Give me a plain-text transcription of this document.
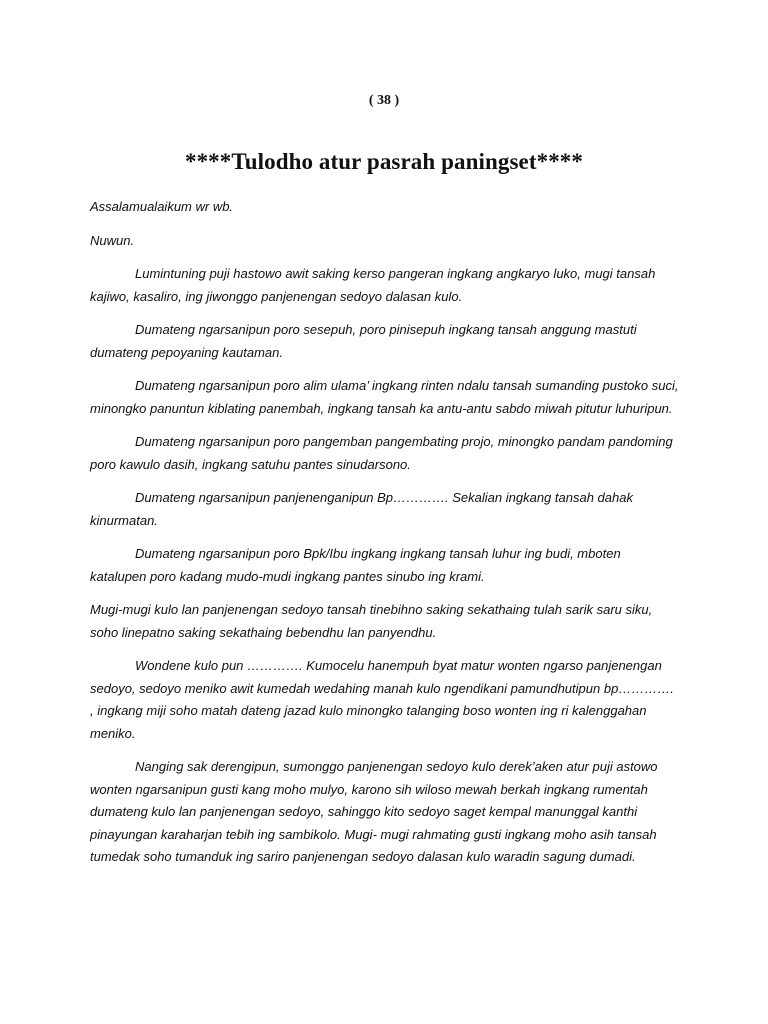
( 38 )
****Tulodho atur pasrah paningset****

Assalamualaikum wr wb.

Nuwun.

Lumintuning puji hastowo awit saking kerso pangeran ingkang angkaryo luko, mugi tansah kajiwo, kasaliro, ing jiwonggo panjenengan sedoyo dalasan kulo.

Dumateng ngarsanipun poro sesepuh, poro pinisepuh ingkang tansah anggung mastuti dumateng pepoyaning kautaman.

Dumateng ngarsanipun poro alim ulama’ ingkang rinten ndalu tansah sumanding pustoko suci, minongko panuntun kiblating panembah, ingkang tansah ka antu-antu sabdo miwah pitutur luhuripun.

Dumateng ngarsanipun poro pangemban pangembating projo, minongko pandam pandoming poro kawulo dasih, ingkang satuhu pantes sinudarsono.

Dumateng ngarsanipun panjenenganipun Bp…………. Sekalian ingkang tansah dahak kinurmatan.

Dumateng ngarsanipun poro Bpk/Ibu ingkang ingkang tansah luhur ing budi, mboten katalupen poro kadang mudo-mudi ingkang pantes sinubo ing krami.

Mugi-mugi kulo lan panjenengan sedoyo tansah tinebihno saking sekathaing tulah sarik saru siku, soho linepatno saking sekathaing bebendhu lan panyendhu.

Wondene kulo pun …………. Kumocelu hanempuh byat matur wonten ngarso panjenengan sedoyo, sedoyo meniko awit kumedah wedahing manah kulo ngendikani pamundhutipun bp…………. , ingkang miji soho matah dateng jazad kulo minongko talanging boso wonten ing ri kalenggahan meniko.

Nanging sak derengipun, sumonggo panjenengan sedoyo kulo derek’aken atur puji astowo wonten ngarsanipun gusti kang moho mulyo, karono sih wiloso mewah berkah ingkang rumentah dumateng kulo lan panjenengan sedoyo, sahinggo kito sedoyo saget kempal manunggal kanthi pinayungan karaharjan tebih ing sambikolo. Mugi- mugi rahmating gusti ingkang moho asih tansah tumedak soho tumanduk ing sariro panjenengan sedoyo dalasan kulo waradin sagung dumadi.
